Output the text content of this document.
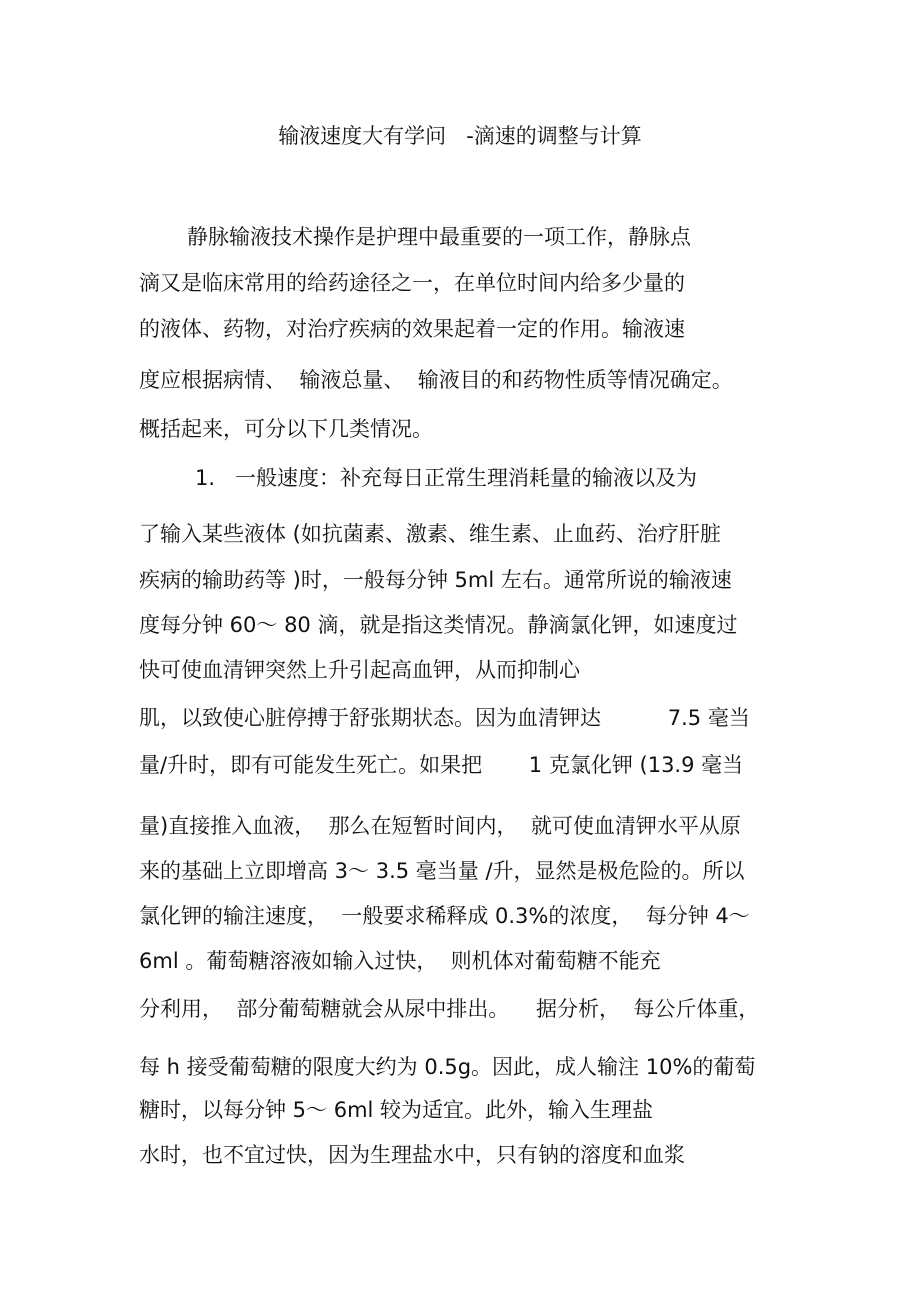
输液速度大有学问   -滴速的调整与计算
静脉输液技术操作是护理中最重要的一项工作，静脉点
滴又是临床常用的给药途径之一，在单位时间内给多少量的
的液体、药物，对治疗疾病的效果起着一定的作用。输液速
度应根据病情、  输液总量、  输液目的和药物性质等情况确定。
概括起来，可分以下几类情况。
1.   一般速度：补充每日正常生理消耗量的输液以及为
了输入某些液体 (如抗菌素、激素、维生素、止血药、治疗肝脏
疾病的输助药等 )时，一般每分钟 5ml 左右。通常所说的输液速
度每分钟 60～ 80 滴，就是指这类情况。静滴氯化钾，如速度过
快可使血清钾突然上升引起高血钾，从而抑制心
肌，以致使心脏停搏于舒张期状态。因为血清钾达          7.5 毫当
量/升时，即有可能发生死亡。如果把       1 克氯化钾 (13.9 毫当
量)直接推入血液，  那么在短暂时间内，  就可使血清钾水平从原
来的基础上立即增高 3～ 3.5 毫当量 /升，显然是极危险的。所以
氯化钾的输注速度，  一般要求稀释成 0.3%的浓度，  每分钟 4～
6ml 。葡萄糖溶液如输入过快，  则机体对葡萄糖不能充
分利用，  部分葡萄糖就会从尿中排出。    据分析，  每公斤体重，
每 h 接受葡萄糖的限度大约为 0.5g。因此，成人输注 10%的葡萄
糖时，以每分钟 5～ 6ml 较为适宜。此外，输入生理盐
水时，也不宜过快，因为生理盐水中，只有钠的溶度和血浆
